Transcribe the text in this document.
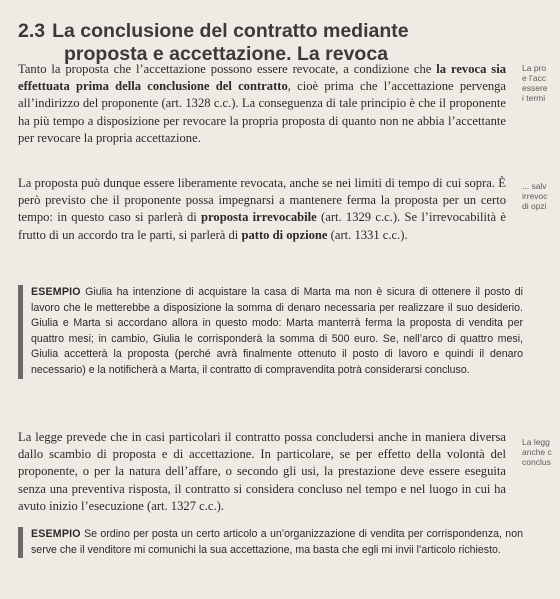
2.3 La conclusione del contratto mediante
proposta e accettazione. La revoca

Tanto la proposta che l’accettazione possono essere revocate, a condizione che la revoca sia effettuata prima della conclusione del contratto, cioè prima che l’accettazione pervenga all’indirizzo del proponente (art. 1328 c.c.). La conseguenza di tale principio è che il proponente ha più tempo a disposizione per revocare la propria proposta di quanto non ne abbia l’accettante per revocare la propria accettazione.

La proposta può dunque essere liberamente revocata, anche se nei limiti di tempo di cui sopra. È però previsto che il proponente possa impegnarsi a mantenere ferma la proposta per un certo tempo: in questo caso si parlerà di proposta irrevocabile (art. 1329 c.c.). Se l’irrevocabilità è frutto di un accordo tra le parti, si parlerà di patto di opzione (art. 1331 c.c.).

ESEMPIO Giulia ha intenzione di acquistare la casa di Marta ma non è sicura di ottenere il posto di lavoro che le metterebbe a disposizione la somma di denaro necessaria per realizzare il suo desiderio. Giulia e Marta si accordano allora in questo modo: Marta manterrà ferma la proposta di vendita per quattro mesi; in cambio, Giulia le corrisponderà la somma di 500 euro. Se, nell’arco di quattro mesi, Giulia accetterà la proposta (perché avrà finalmente ottenuto il posto di lavoro e quindi il denaro necessario) e la notificherà a Marta, il contratto di compravendita potrà considerarsi concluso.

La legge prevede che in casi particolari il contratto possa concludersi anche in maniera diversa dallo scambio di proposta e di accettazione. In particolare, se per effetto della volontà del proponente, o per la natura dell’affare, o secondo gli usi, la prestazione deve essere eseguita senza una preventiva risposta, il contratto si considera concluso nel tempo e nel luogo in cui ha avuto inizio l’esecuzione (art. 1327 c.c.).

ESEMPIO Se ordino per posta un certo articolo a un’organizzazione di vendita per corrispondenza, non serve che il venditore mi comunichi la sua accettazione, ma basta che egli mi invii l’articolo richiesto.
La pro
e l’acc
essere
i termi
... salv
irrevoc
di opzi
La legg
anche c
conclus
